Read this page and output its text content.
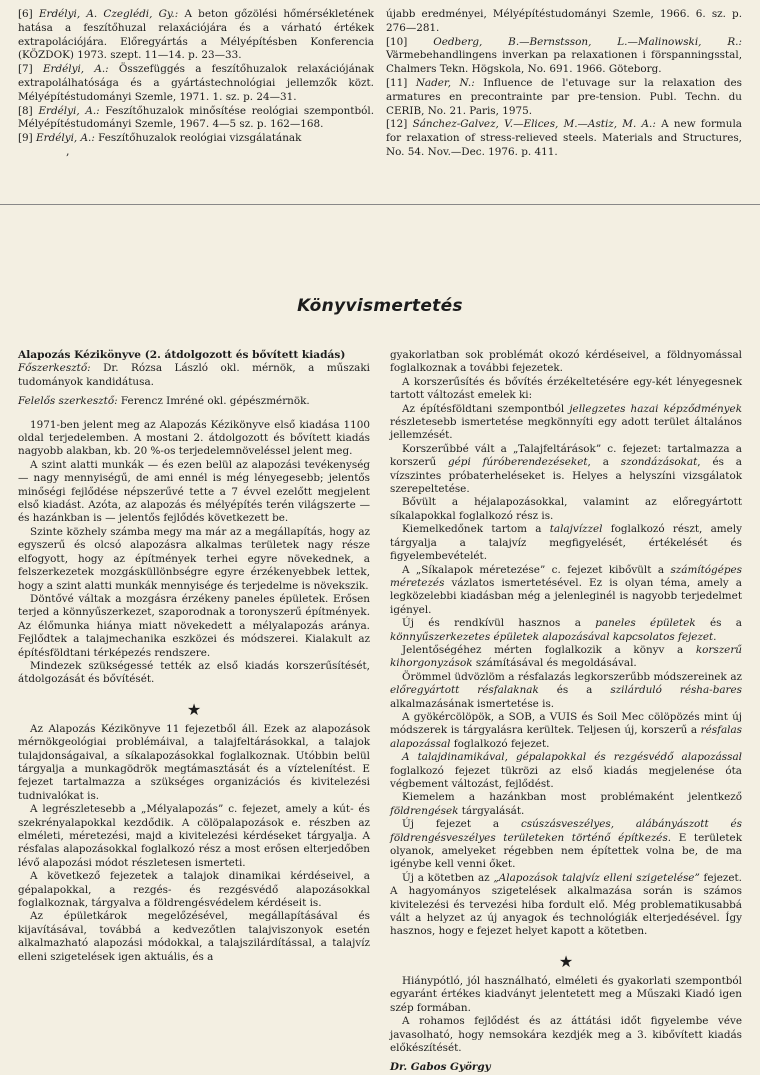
[6] Erdélyi, A. Czeglédi, Gy.: A beton gőzölési hőmérsékletének hatása a feszítőhuzal relaxációjára és a várható értékek extrapolációjára. Előregyártás a Mélyépítésben Konferencia (KÖZDOK) 1973. szept. 11—14. p. 23—33.

[7] Erdélyi, A.: Összefüggés a feszítőhuzalok relaxációjának extrapolálhatósága és a gyártástechnológiai jellemzők közt. Mélyépítéstudományi Szemle, 1971. 1. sz. p. 24—31.

[8] Erdélyi, A.: Feszítőhuzalok minősítése reológiai szempontból. Mélyépítéstudományi Szemle, 1967. 4—5 sz. p. 162—168.

[9] Erdélyi, A.: Feszítőhuzalok reológiai vizsgálatának

,

újabb eredményei, Mélyépítéstudományi Szemle, 1966. 6. sz. p. 276—281.

[10] Oedberg, B.—Bernstsson, L.—Malinowski, R.: Värmebehandlingens inverkan pa relaxationen i förspanningsstal, Chalmers Tekn. Högskola, No. 691. 1966. Göteborg.

[11] Nader, N.: Influence de l'etuvage sur la relaxation des armatures en precontrainte par pre-tension. Publ. Techn. du CERIB, No. 21. Paris, 1975.

[12] Sánchez-Galvez, V.—Elices, M.—Astiz, M. A.: A new formula for relaxation of stress-relieved steels. Materials and Structures, No. 54. Nov.—Dec. 1976. p. 411.

Könyvismertetés

Alapozás Kézikönyve (2. átdolgozott és bővített kiadás)

Főszerkesztő: Dr. Rózsa László okl. mérnök, a műszaki tudományok kandidátusa.

Felelős szerkesztő: Ferencz Imréné okl. gépészmérnök.

1971-ben jelent meg az Alapozás Kézikönyve első kiadása 1100 oldal terjedelemben. A mostani 2. átdolgozott és bővített kiadás nagyobb alakban, kb. 20 %-os terjedelemnöveléssel jelent meg.

A szint alatti munkák — és ezen belül az alapozási tevékenység — nagy mennyiségű, de ami ennél is még lényegesebb; jelentős minőségi fejlődése népszerűvé tette a 7 évvel ezelőtt megjelent első kiadást. Azóta, az alapozás és mélyépítés terén világszerte — és hazánkban is — jelentős fejlődés következett be.

Szinte közhely számba megy ma már az a megállapítás, hogy az egyszerű és olcsó alapozásra alkalmas területek nagy része elfogyott, hogy az építmények terhei egyre növekednek, a felszerkezetek mozgásküllönbségre egyre érzékenyebbek lettek, hogy a szint alatti munkák mennyisége és terjedelme is növekszik.

Döntővé váltak a mozgásra érzékeny paneles épületek. Erősen terjed a könnyűszerkezet, szaporodnak a toronyszerű építmények. Az élőmunka hiánya miatt növekedett a mélyalapozás aránya. Fejlődtek a talajmechanika eszközei és módszerei. Kialakult az építésföldtani térképezés rendszere.

Mindezek szükségessé tették az első kiadás korszerűsítését, átdolgozását és bővítését.

★

Az Alapozás Kézikönyve 11 fejezetből áll. Ezek az alapozások mérnökgeológiai problémáival, a talajfeltárásokkal, a talajok tulajdonságaival, a síkalapozásokkal foglalkoznak. Utóbbin belül tárgyalja a munkagödrök megtámasztását és a víztelenítést. E fejezet tartalmazza a szükséges organizációs és kivitelezési tudnivalókat is.

A legrészletesebb a „Mélyalapozás” c. fejezet, amely a kút- és szekrényalapokkal kezdődik. A cölöpalapozások e. részben az elméleti, méretezési, majd a kivitelezési kérdéseket tárgyalja. A résfalas alapozásokkal foglalkozó rész a most erősen elterjedőben lévő alapozási módot részletesen ismerteti.

A következő fejezetek a talajok dinamikai kérdéseivel, a gépalapokkal, a rezgés- és rezgésvédő alapozásokkal foglalkoznak, tárgyalva a földrengésvédelem kérdéseit is.

Az épületkárok megelőzésével, megállapításával és kijavításával, továbbá a kedvezőtlen talajviszonyok esetén alkalmazható alapozási módokkal, a talajszilárdítással, a talajvíz elleni szigetelések igen aktuális, és a

gyakorlatban sok problémát okozó kérdéseivel, a földnyomással foglalkoznak a további fejezetek.

A korszerűsítés és bővítés érzékeltetésére egy-két lényegesnek tartott változást emelek ki:

Az építésföldtani szempontból jellegzetes hazai képződmények részletesebb ismertetése megkönnyíti egy adott terület általános jellemzését.

Korszerűbbé vált a „Talajfeltárások” c. fejezet: tartalmazza a korszerű gépi fúróberendezéseket, a szondázásokat, és a vízszintes próbaterheléseket is. Helyes a helyszíni vizsgálatok szerepeltetése.

Bővült a héjalapozásokkal, valamint az előregyártott síkalapokkal foglalkozó rész is.

Kiemelkedőnek tartom a talajvízzel foglalkozó részt, amely tárgyalja a talajvíz megfigyelését, értékelését és figyelembevételét.

A „Síkalapok méretezése” c. fejezet kibővült a számítógépes méretezés vázlatos ismertetésével. Ez is olyan téma, amely a legközelebbi kiadásban még a jelenleginél is nagyobb terjedelmet igényel.

Új és rendkívül hasznos a paneles épületek és a könnyűszerkezetes épületek alapozásával kapcsolatos fejezet.

Jelentőségéhez mérten foglalkozik a könyv a korszerű kihorgonyzások számításával és megoldásával.

Örömmel üdvözlöm a résfalazás legkorszerűbb módszereinek az előregyártott résfalaknak és a szilárduló résha-bares alkalmazásának ismertetése is.

A gyökércölöpök, a SOB, a VUIS és Soil Mec cölöpözés mint új módszerek is tárgyalásra kerültek. Teljesen új, korszerű a résfalas alapozással foglalkozó fejezet.

A talajdinamikával, gépalapokkal és rezgésvédő alapozással foglalkozó fejezet tükrözi az első kiadás megjelenése óta végbement változást, fejlődést.

Kiemelem a hazánkban most problémaként jelentkező földrengések tárgyalását.

Új fejezet a csúszásveszélyes, alábányászott és földrengésveszélyes területeken történő építkezés. E területek olyanok, amelyeket régebben nem építettek volna be, de ma igénybe kell venni őket.

Új a kötetben az „Alapozások talajvíz elleni szigetelése” fejezet. A hagyományos szigetelések alkalmazása során is számos kivitelezési és tervezési hiba fordult elő. Még problematikusabbá vált a helyzet az új anyagok és technológiák elterjedésével. Így hasznos, hogy e fejezet helyet kapott a kötetben.

★

Hiánypótló, jól használható, elméleti és gyakorlati szempontból egyaránt értékes kiadványt jelentetett meg a Műszaki Kiadó igen szép formában.

A rohamos fejlődést és az áttátási időt figyelembe véve javasolható, hogy nemsokára kezdjék meg a 3. kibővített kiadás előkészítését.

Dr. Gabos György
